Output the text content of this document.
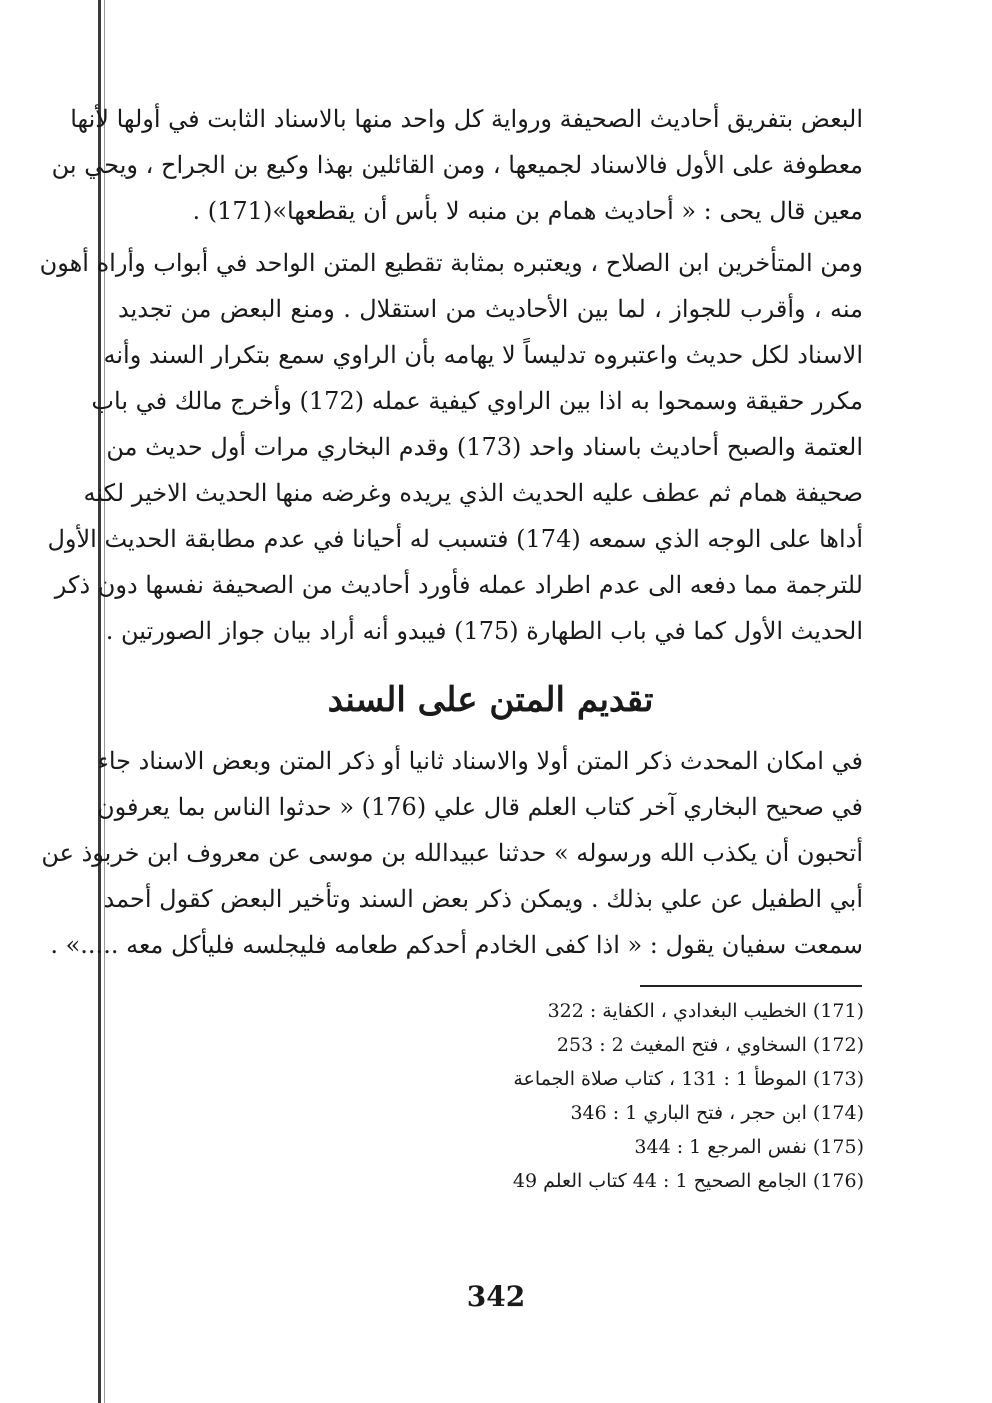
البعض بتفريق أحاديث الصحيفة ورواية كل واحد منها بالاسناد الثابت في أولها لأنها
معطوفة على الأول فالاسناد لجميعها ، ومن القائلين بهذا وكيع بن الجراح ، ويحي بن
معين قال يحى : « أحاديث همام بن منبه لا بأس أن يقطعها»(171) .
ومن المتأخرين ابن الصلاح ، ويعتبره بمثابة تقطيع المتن الواحد في أبواب وأراه أهون
منه ، وأقرب للجواز ، لما بين الأحاديث من استقلال . ومنع البعض من تجديد
الاسناد لكل حديث واعتبروه تدليساً لا يهامه بأن الراوي سمع بتكرار السند وأنه
مكرر حقيقة وسمحوا به اذا بين الراوي كيفية عمله (172) وأخرج مالك في باب
العتمة والصبح أحاديث باسناد واحد (173) وقدم البخاري مرات أول حديث من
صحيفة همام ثم عطف عليه الحديث الذي يريده وغرضه منها الحديث الاخير لكنه
أداها على الوجه الذي سمعه (174) فتسبب له أحيانا في عدم مطابقة الحديث الأول
للترجمة مما دفعه الى عدم اطراد عمله فأورد أحاديث من الصحيفة نفسها دون ذكر
الحديث الأول كما في باب الطهارة (175) فيبدو أنه أراد بيان جواز الصورتين .
تقديم المتن على السند
في امكان المحدث ذكر المتن أولا والاسناد ثانيا أو ذكر المتن وبعض الاسناد جاء
في صحيح البخاري آخر كتاب العلم قال علي (176) « حدثوا الناس بما يعرفون
أتحبون أن يكذب الله ورسوله » حدثنا عبيدالله بن موسى عن معروف ابن خربوذ عن
أبي الطفيل عن علي بذلك . ويمكن ذكر بعض السند وتأخير البعض كقول أحمد
سمعت سفيان يقول : « اذا كفى الخادم أحدكم طعامه فليجلسه فليأكل معه .....» .
(171) الخطيب البغدادي ، الكفاية : 322
(172) السخاوي ، فتح المغيث 2 : 253
(173) الموطأ 1 : 131 ، كتاب صلاة الجماعة
(174) ابن حجر ، فتح الباري 1 : 346
(175) نفس المرجع 1 : 344
(176) الجامع الصحيح 1 : 44 كتاب العلم 49
342
